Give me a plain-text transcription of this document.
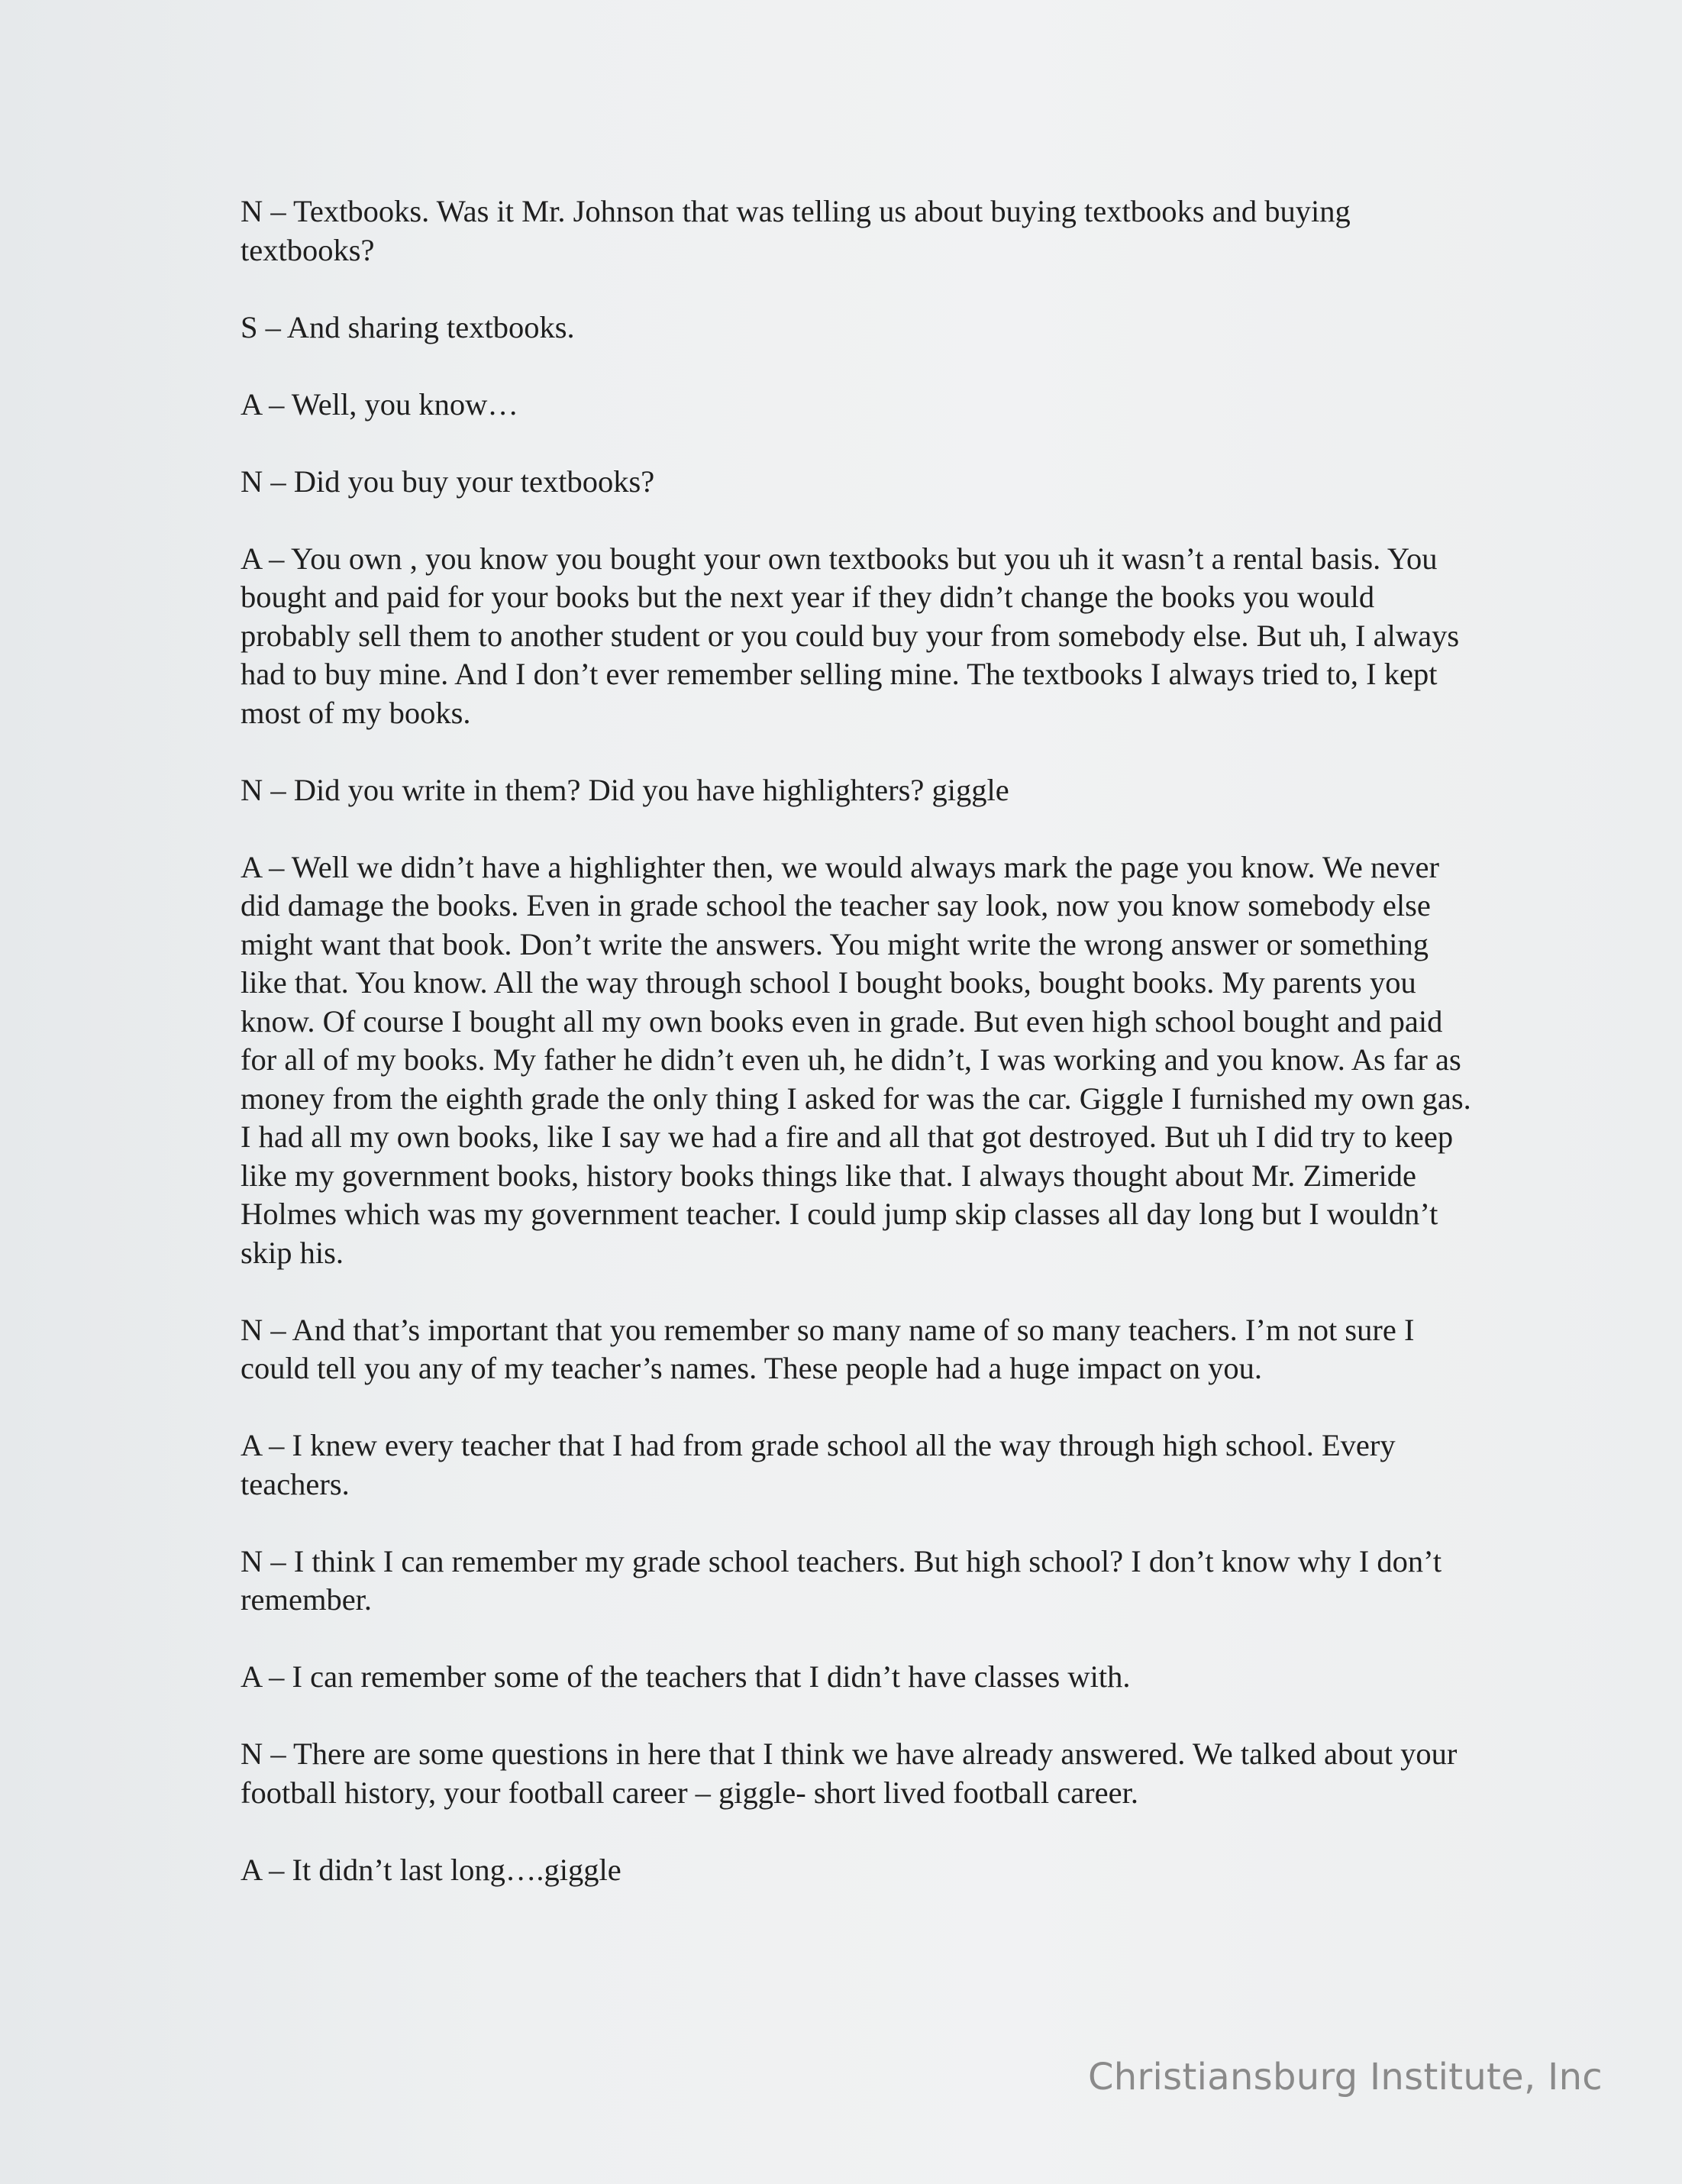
N – Textbooks. Was it Mr. Johnson that was telling us about buying textbooks and buying textbooks?

S – And sharing textbooks.

A – Well, you know…

N – Did you buy your textbooks?

A – You own , you know you bought your own textbooks but you uh it wasn’t a rental basis. You bought and paid for your books but the next year if they didn’t change the books you would probably sell them to another student or you could buy your from somebody else. But uh, I always had to buy mine. And I don’t ever remember selling mine. The textbooks I always tried to, I kept most of my books.

N – Did you write in them? Did you have highlighters? giggle

A – Well we didn’t have a highlighter then, we would always mark the page you know. We never did damage the books. Even in grade school the teacher say look, now you know somebody else might want that book. Don’t write the answers. You might write the wrong answer or something like that. You know. All the way through school I bought books, bought books. My parents you know. Of course I bought all my own books even in grade. But even high school bought and paid for all of my books. My father he didn’t even uh, he didn’t, I was working and you know. As far as money from the eighth grade the only thing I asked for was the car. Giggle I furnished my own gas. I had all my own books, like I say we had a fire and all that got destroyed. But uh I did try to keep like my government books, history books things like that. I always thought about Mr. Zimeride Holmes which was my government teacher. I could jump skip classes all day long but I wouldn’t skip his.

N – And that’s important that you remember so many name of so many teachers. I’m not sure I could tell you any of my teacher’s names. These people had a huge impact on you.

A – I knew every teacher that I had from grade school all the way through high school. Every teachers.

N – I think I can remember my grade school teachers. But high school? I don’t know why I don’t remember.

A – I can remember some of the teachers that I didn’t have classes with.

N – There are some questions in here that I think we have already answered. We talked about your football history, your football career – giggle- short lived football career.

A – It didn’t last long….giggle

Christiansburg Institute, Inc
